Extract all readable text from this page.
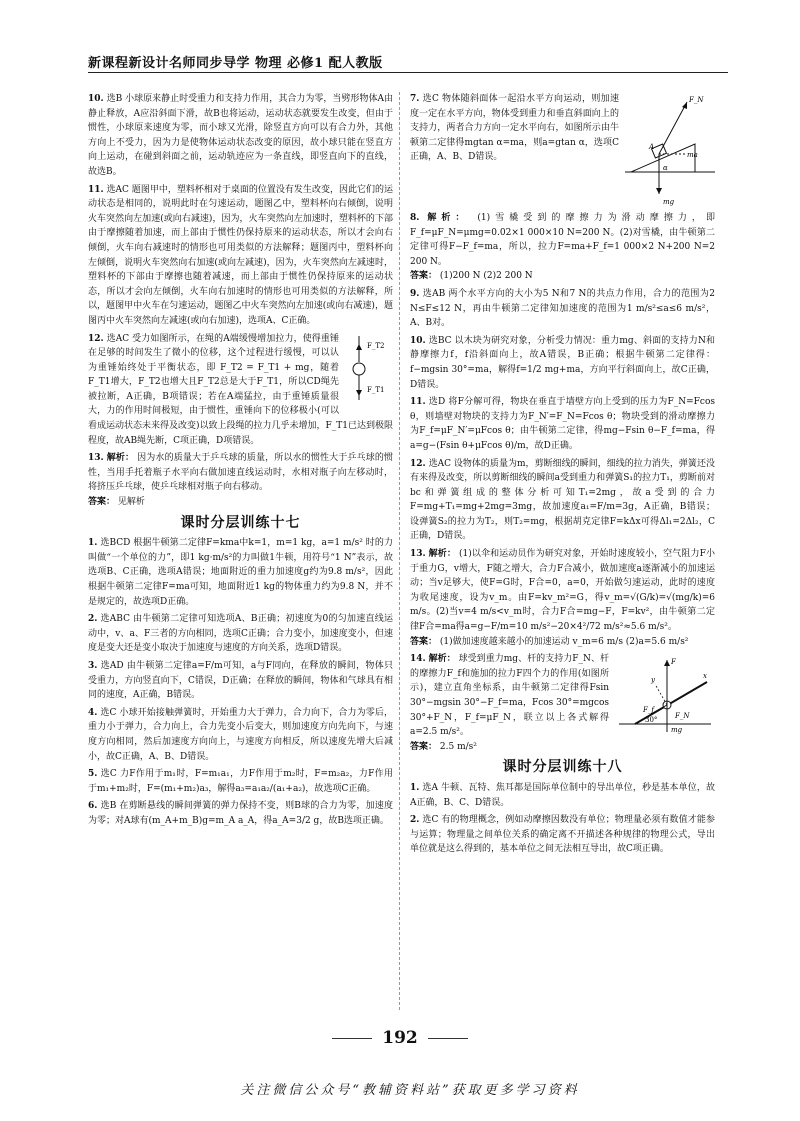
新课程新设计名师同步导学 物理 必修1 配人教版
10. 选B 小球原来静止时受重力和支持力作用，其合力为零，当劈形物体A由静止释放，A应沿斜面下滑，故B也将运动，运动状态就要发生改变，但由于惯性，小球原来速度为零，而小球又光滑，除竖直方向可以有合力外，其他方向上不受力，因为力是使物体运动状态改变的原因，故小球只能在竖直方向上运动，在碰到斜面之前，运动轨迹应为一条直线，即竖直向下的直线，故选B。
11. 选AC 题图甲中，塑料杯相对于桌面的位置没有发生改变，因此它们的运动状态是相同的，说明此时在匀速运动，题图乙中，塑料杯向右倾倒，说明火车突然向左加速(或向右减速)，因为，火车突然向左加速时，塑料杯的下部由于摩擦随着加速，而上部由于惯性仍保持原来的运动状态，所以才会向右倾倒，火车向右减速时的情形也可用类似的方法解释；题图丙中，塑料杯向左倾倒，说明火车突然向右加速(或向左减速)，因为，火车突然向左减速时，塑料杯的下部由于摩擦也随着减速，而上部由于惯性仍保持原来的运动状态，所以才会向左倾倒，火车向右加速时的情形也可用类似的方法解释，所以，题图甲中火车在匀速运动，题图乙中火车突然向左加速(或向右减速)，题图丙中火车突然向左减速(或向右加速)，选项A、C正确。
F_T2
F_T1
12. 选AC 受力如图所示，在绳的A端缓慢增加拉力，使得重锤在足够的时间发生了微小的位移，这个过程进行缓慢，可以认为重锤始终处于平衡状态，即 F_T2 = F_T1 + mg，随着F_T1增大，F_T2也增大且F_T2总是大于F_T1，所以CD绳先被拉断，A正确，B项错误；若在A端猛拉，由于重锤质量很大，力的作用时间极短，由于惯性，重锤向下的位移极小(可以看成运动状态未来得及改变)以致上段绳的拉力几乎未增加，F_T1已达到极限程度，故AB绳先断，C项正确，D项错误。
13. 解析： 因为水的质量大于乒乓球的质量，所以水的惯性大于乒乓球的惯性，当用手托着瓶子水平向右做加速直线运动时，水相对瓶子向左移动时，将挤压乒乓球，使乒乓球相对瓶子向右移动。
答案： 见解析
课时分层训练十七
1. 选BCD 根据牛顿第二定律F=kma中k=1，m=1 kg，a=1 m/s² 时的力叫做“一个单位的力”，即1 kg·m/s²的力叫做1牛顿，用符号“1 N”表示，故选项B、C正确，选项A错误；地面附近的重力加速度g约为9.8 m/s²，因此根据牛顿第二定律F=ma可知，地面附近1 kg的物体重力约为9.8 N，并不是规定的，故选项D正确。
2. 选ABC 由牛顿第二定律可知选项A、B正确；初速度为0的匀加速直线运动中，v、a、F三者的方向相同，选项C正确；合力变小，加速度变小，但速度是变大还是变小取决于加速度与速度的方向关系，选项D错误。
3. 选AD 由牛顿第二定律a=F/m可知，a与F同向，在释放的瞬间，物体只受重力，方向竖直向下，C错误，D正确；在释放的瞬间，物体和气球具有相同的速度，A正确，B错误。
4. 选C 小球开始接触弹簧时，开始重力大于弹力，合力向下，合力为零后，重力小于弹力，合力向上，合力先变小后变大，则加速度方向先向下，与速度方向相同，然后加速度方向向上，与速度方向相反，所以速度先增大后减小，故C正确，A、B、D错误。
5. 选C 力F作用于m₁时，F=m₁a₁，力F作用于m₂时，F=m₂a₂，力F作用于m₁+m₂时，F=(m₁+m₂)a₃，解得a₃=a₁a₂/(a₁+a₂)，故选项C正确。
6. 选B 在剪断悬线的瞬间弹簧的弹力保持不变，则B球的合力为零，加速度为零；对A球有(m_A+m_B)g=m_A a_A，得a_A=3/2 g，故B选项正确。
F_N
A
ma
α
mg
7. 选C 物体随斜面体一起沿水平方向运动，则加速度一定在水平方向，物体受到重力和垂直斜面向上的支持力，两者合力方向一定水平向右，如图所示由牛顿第二定律得mgtan α=ma，则a=gtan α，选项C正确，A、B、D错误。
8. 解析： (1)雪橇受到的摩擦力为滑动摩擦力，即F_f=μF_N=μmg=0.02×1 000×10 N=200 N。(2)对雪橇，由牛顿第二定律可得F−F_f=ma，所以，拉力F=ma+F_f=1 000×2 N+200 N=2 200 N。
答案： (1)200 N (2)2 200 N
9. 选AB 两个水平方向的大小为5 N和7 N的共点力作用，合力的范围为2 N≤F≤12 N，再由牛顿第二定律知加速度的范围为1 m/s²≤a≤6 m/s²，A、B对。
10. 选BC 以木块为研究对象，分析受力情况：重力mg、斜面的支持力N和静摩擦力f，f沿斜面向上，故A错误，B正确；根据牛顿第二定律得：f−mgsin 30°=ma，解得f=1/2 mg+ma，方向平行斜面向上，故C正确，D错误。
11. 选D 将F分解可得，物块在垂直于墙壁方向上受到的压力为F_N=Fcos θ，则墙壁对物块的支持力为F_N′=F_N=Fcos θ；物块受到的滑动摩擦力为F_f=μF_N′=μFcos θ；由牛顿第二定律，得mg−Fsin θ−F_f=ma，得a=g−(Fsin θ+μFcos θ)/m，故D正确。
12. 选AC 设物体的质量为m，剪断细线的瞬间，细线的拉力消失，弹簧还没有来得及改变，所以剪断细线的瞬间a受到重力和弹簧S₁的拉力T₁，剪断前对bc和弹簧组成的整体分析可知T₁=2mg，故a受到的合力F=mg+T₁=mg+2mg=3mg，故加速度a₁=F/m=3g，A正确，B错误；设弹簧S₂的拉力为T₂，则T₂=mg，根据胡克定律F=kΔx可得Δl₁=2Δl₂，C正确，D错误。
13. 解析： (1)以伞和运动员作为研究对象，开始时速度较小，空气阻力F小于重力G，v增大，F随之增大，合力F合减小，做加速度a逐渐减小的加速运动；当v足够大，使F=G时，F合=0，a=0，开始做匀速运动，此时的速度为收尾速度，设为v_m。由F=kv_m²=G，得v_m=√(G/k)=√(mg/k)=6 m/s。(2)当v=4 m/s<v_m时，合力F合=mg−F，F=kv²，由牛顿第二定律F合=ma得a=g−F/m=10 m/s²−20×4²/72 m/s²≈5.6 m/s²。
答案： (1)做加速度越来越小的加速运动 v_m=6 m/s (2)a=5.6 m/s²
y
F
x
F_f
30°
mg
F_N
14. 解析： 球受到重力mg、杆的支持力F_N、杆的摩擦力F_f和施加的拉力F四个力的作用(如图所示)，建立直角坐标系，由牛顿第二定律得Fsin 30°−mgsin 30°−F_f=ma，Fcos 30°=mgcos 30°+F_N，F_f=μF_N，联立以上各式解得a=2.5 m/s²。
答案： 2.5 m/s²
课时分层训练十八
1. 选A 牛顿、瓦特、焦耳都是国际单位制中的导出单位，秒是基本单位，故A正确，B、C、D错误。
2. 选C 有的物理概念，例如动摩擦因数没有单位；物理量必须有数值才能参与运算；物理量之间单位关系的确定离不开描述各种规律的物理公式，导出单位就是这么得到的，基本单位之间无法相互导出，故C项正确。
192
关注微信公众号“教辅资料站”获取更多学习资料
